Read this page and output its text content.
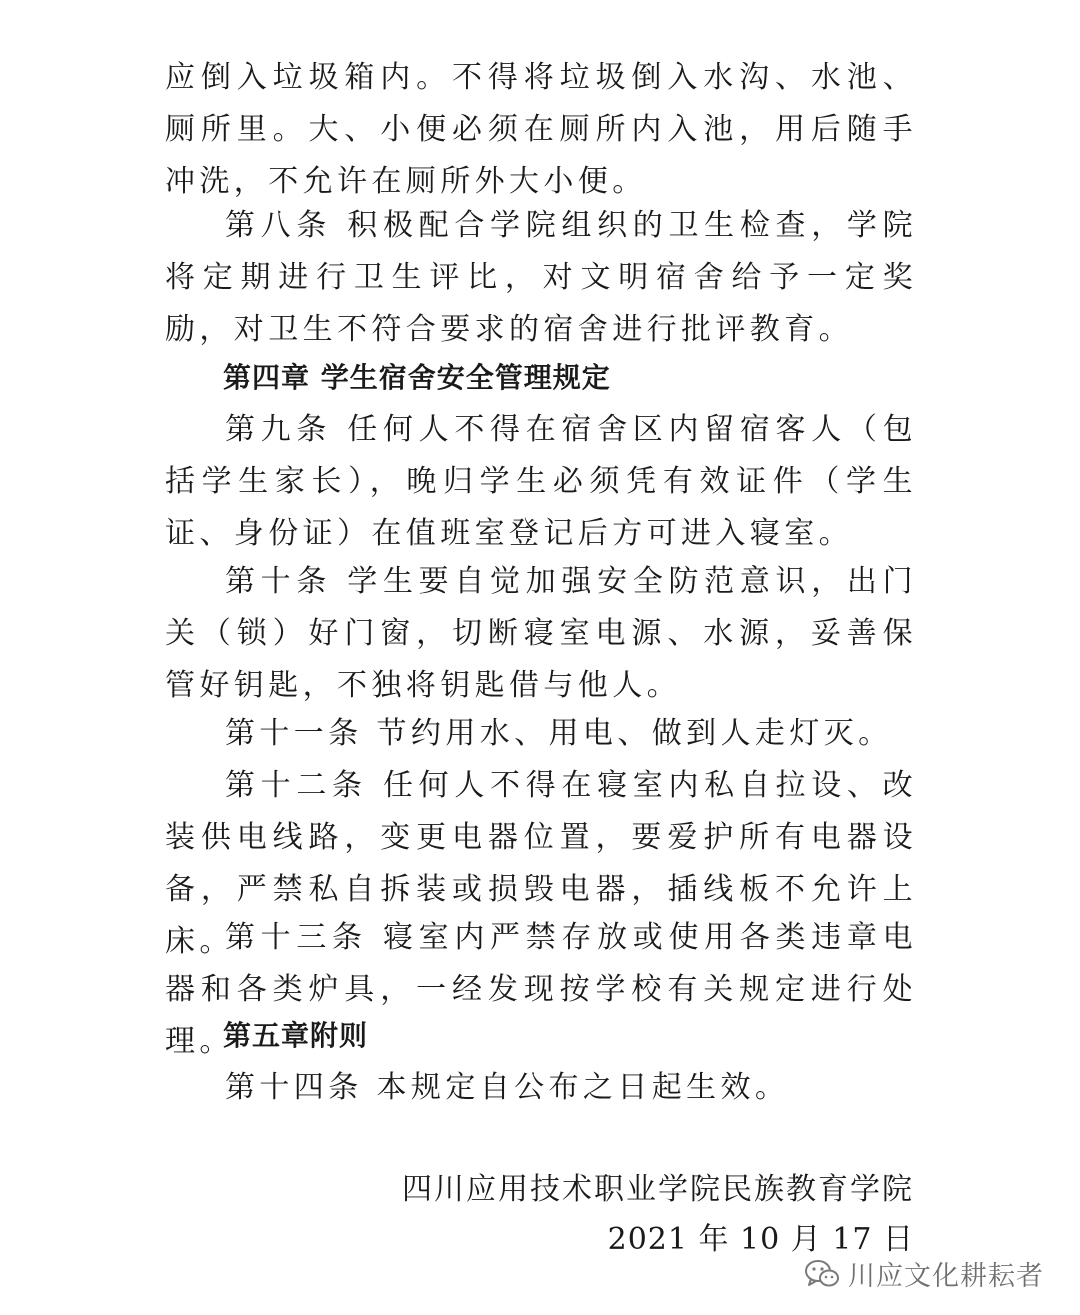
应倒入垃圾箱内。不得将垃圾倒入水沟、水池、厕所里。大、小便必须在厕所内入池，用后随手冲洗，不允许在厕所外大小便。
第八条 积极配合学院组织的卫生检查，学院将定期进行卫生评比，对文明宿舍给予一定奖励，对卫生不符合要求的宿舍进行批评教育。
第四章 学生宿舍安全管理规定
第九条 任何人不得在宿舍区内留宿客人（包括学生家长），晚归学生必须凭有效证件（学生证、身份证）在值班室登记后方可进入寝室。
第十条 学生要自觉加强安全防范意识，出门关（锁）好门窗，切断寝室电源、水源，妥善保管好钥匙，不独将钥匙借与他人。
第十一条 节约用水、用电、做到人走灯灭。
第十二条 任何人不得在寝室内私自拉设、改装供电线路，变更电器位置，要爱护所有电器设备，严禁私自拆装或损毁电器，插线板不允许上床。
第十三条 寝室内严禁存放或使用各类违章电器和各类炉具，一经发现按学校有关规定进行处理。
第五章附则
第十四条 本规定自公布之日起生效。
四川应用技术职业学院民族教育学院
2021 年 10 月 17 日
川应文化耕耘者
